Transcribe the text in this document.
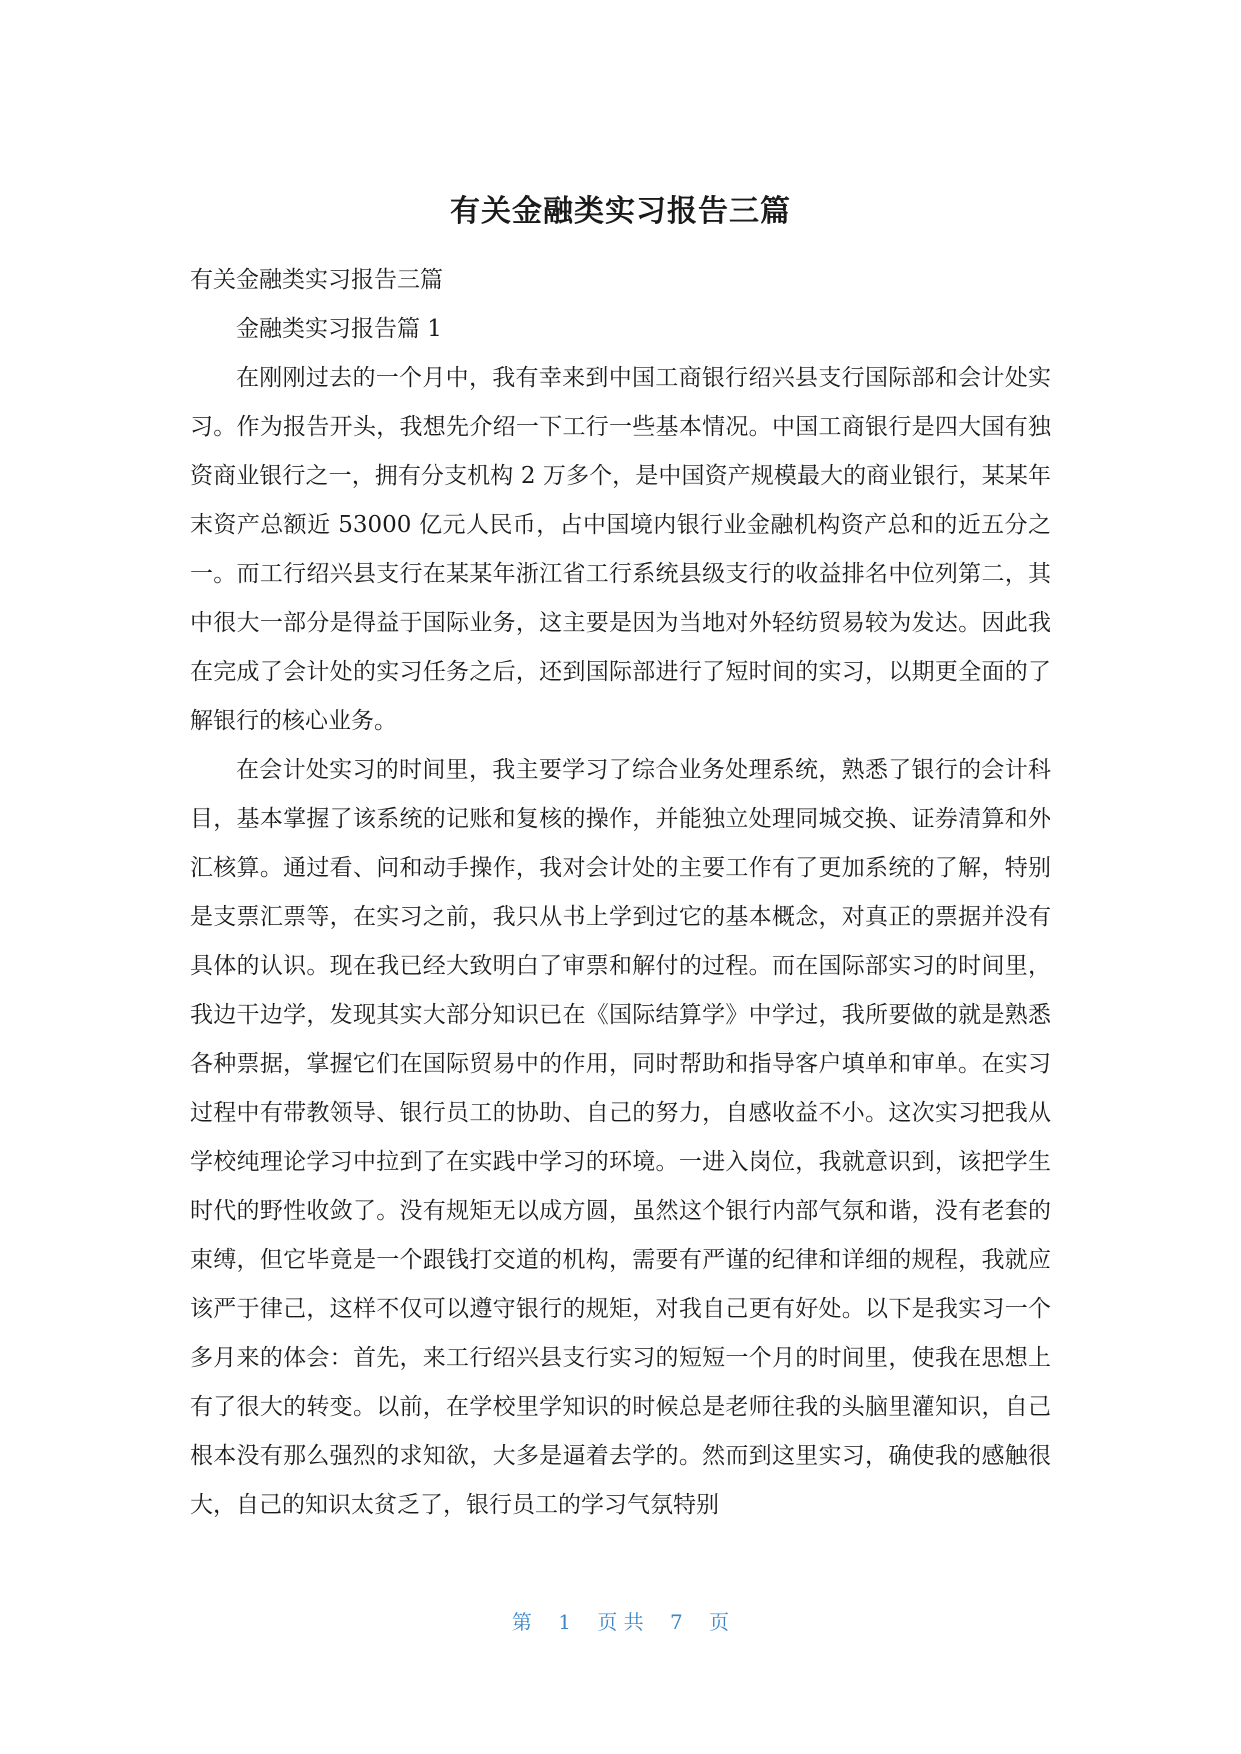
有关金融类实习报告三篇

有关金融类实习报告三篇

金融类实习报告篇 1

在刚刚过去的一个月中，我有幸来到中国工商银行绍兴县支行国际部和会计处实习。作为报告开头，我想先介绍一下工行一些基本情况。中国工商银行是四大国有独资商业银行之一，拥有分支机构 2 万多个，是中国资产规模最大的商业银行，某某年末资产总额近 53000 亿元人民币，占中国境内银行业金融机构资产总和的近五分之一。而工行绍兴县支行在某某年浙江省工行系统县级支行的收益排名中位列第二，其中很大一部分是得益于国际业务，这主要是因为当地对外轻纺贸易较为发达。因此我在完成了会计处的实习任务之后，还到国际部进行了短时间的实习，以期更全面的了解银行的核心业务。

在会计处实习的时间里，我主要学习了综合业务处理系统，熟悉了银行的会计科目，基本掌握了该系统的记账和复核的操作，并能独立处理同城交换、证券清算和外汇核算。通过看、问和动手操作，我对会计处的主要工作有了更加系统的了解，特别是支票汇票等，在实习之前，我只从书上学到过它的基本概念，对真正的票据并没有具体的认识。现在我已经大致明白了审票和解付的过程。而在国际部实习的时间里，我边干边学，发现其实大部分知识已在《国际结算学》中学过，我所要做的就是熟悉各种票据，掌握它们在国际贸易中的作用，同时帮助和指导客户填单和审单。在实习过程中有带教领导、银行员工的协助、自己的努力，自感收益不小。这次实习把我从学校纯理论学习中拉到了在实践中学习的环境。一进入岗位，我就意识到，该把学生时代的野性收敛了。没有规矩无以成方圆，虽然这个银行内部气氛和谐，没有老套的束缚，但它毕竟是一个跟钱打交道的机构，需要有严谨的纪律和详细的规程，我就应该严于律己，这样不仅可以遵守银行的规矩，对我自己更有好处。以下是我实习一个多月来的体会：首先，来工行绍兴县支行实习的短短一个月的时间里，使我在思想上有了很大的转变。以前，在学校里学知识的时候总是老师往我的头脑里灌知识，自己根本没有那么强烈的求知欲，大多是逼着去学的。然而到这里实习，确使我的感触很大，自己的知识太贫乏了，银行员工的学习气氛特别

第 1 页 共 7 页
